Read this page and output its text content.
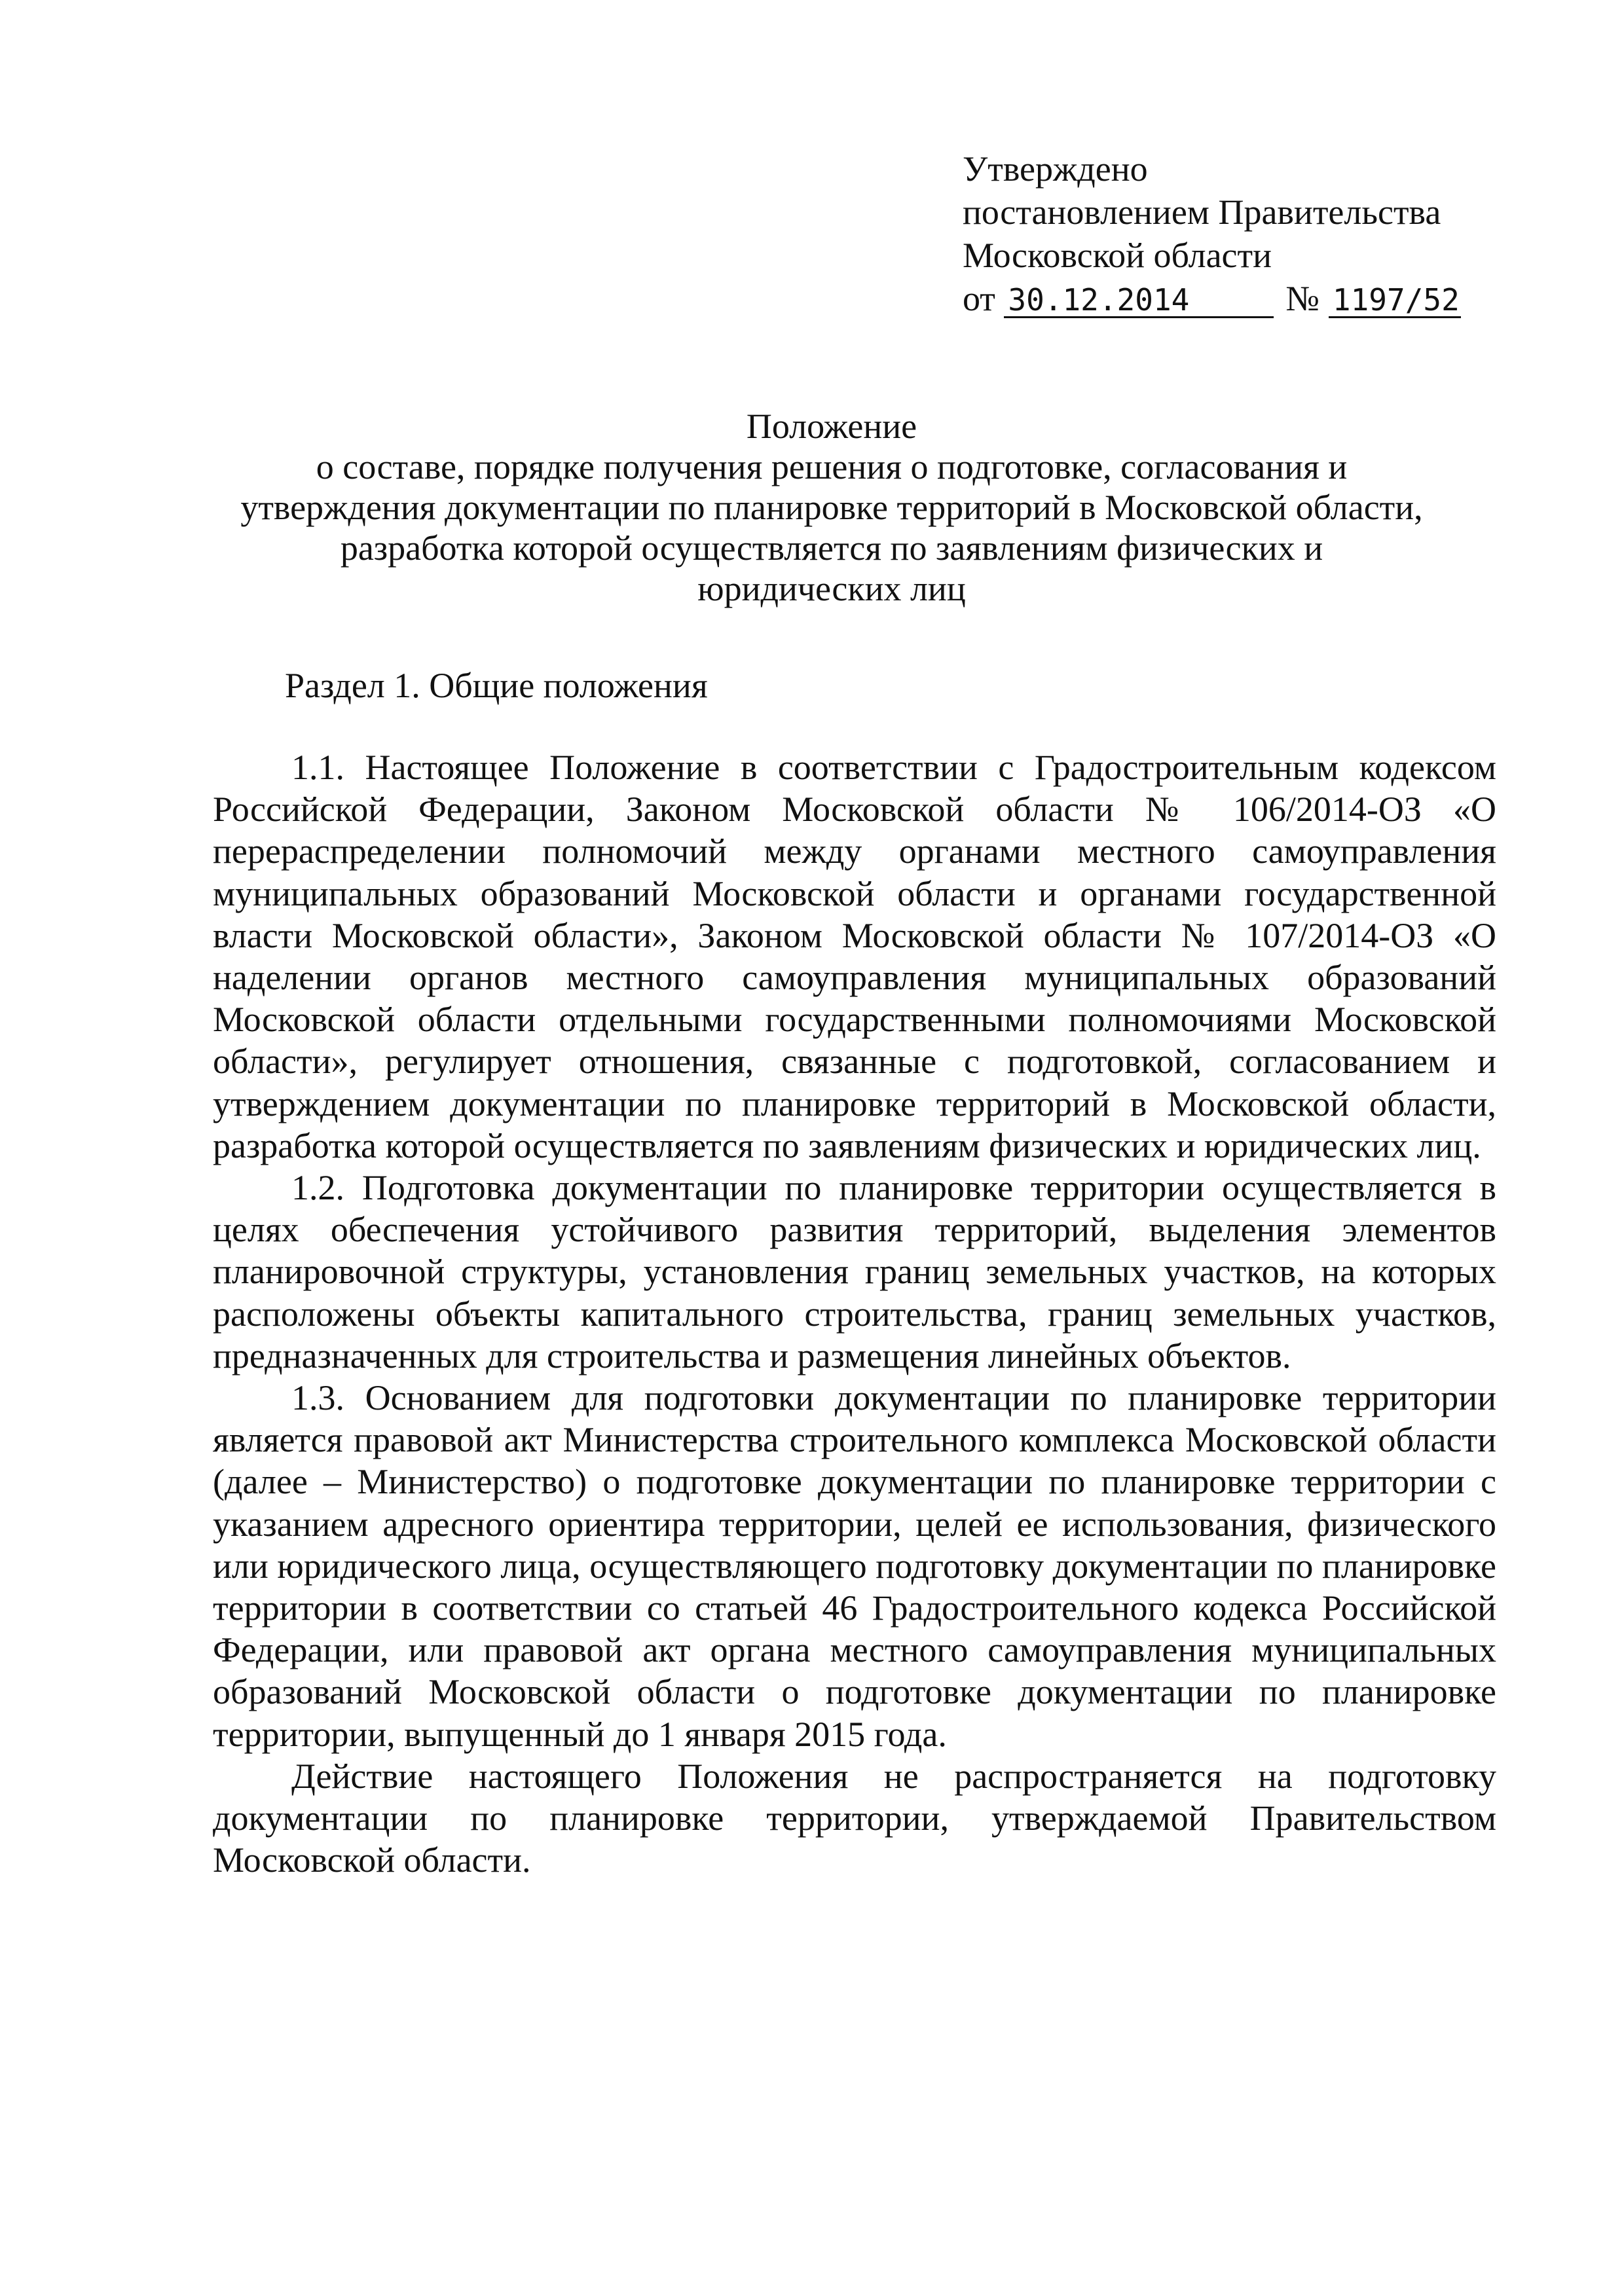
Утверждено
постановлением Правительства
Московской области
от 30.12.2014	№ 1197/52
Положение
о составе, порядке получения решения о подготовке, согласования и
утверждения документации по планировке территорий в Московской области,
разработка которой осуществляется по заявлениям физических и
юридических лиц
Раздел 1. Общие положения

1.1. Настоящее Положение в соответствии с Градостроительным кодексом Российской Федерации, Законом Московской области № 106/2014-ОЗ «О перераспределении полномочий между органами местного самоуправления муниципальных образований Московской области и органами государственной власти Московской области», Законом Московской области № 107/2014-ОЗ «О наделении органов местного самоуправления муниципальных образований Московской области отдельными государственными полномочиями Московской области», регулирует отношения, связанные с подготовкой, согласованием и утверждением документации по планировке территорий в Московской области, разработка которой осуществляется по заявлениям физических и юридических лиц.

1.2. Подготовка документации по планировке территории осуществляется в целях обеспечения устойчивого развития территорий, выделения элементов планировочной структуры, установления границ земельных участков, на которых расположены объекты капитального строительства, границ земельных участков, предназначенных для строительства и размещения линейных объектов.

1.3. Основанием для подготовки документации по планировке территории является правовой акт Министерства строительного комплекса Московской области (далее – Министерство) о подготовке документации по планировке территории с указанием адресного ориентира территории, целей ее использования, физического или юридического лица, осуществляющего подготовку документации по планировке территории в соответствии со статьей 46 Градостроительного кодекса Российской Федерации, или правовой акт органа местного самоуправления муниципальных образований Московской области о подготовке документации по планировке территории, выпущенный до 1 января 2015 года.

Действие настоящего Положения не распространяется на подготовку документации по планировке территории, утверждаемой Правительством Московской области.
